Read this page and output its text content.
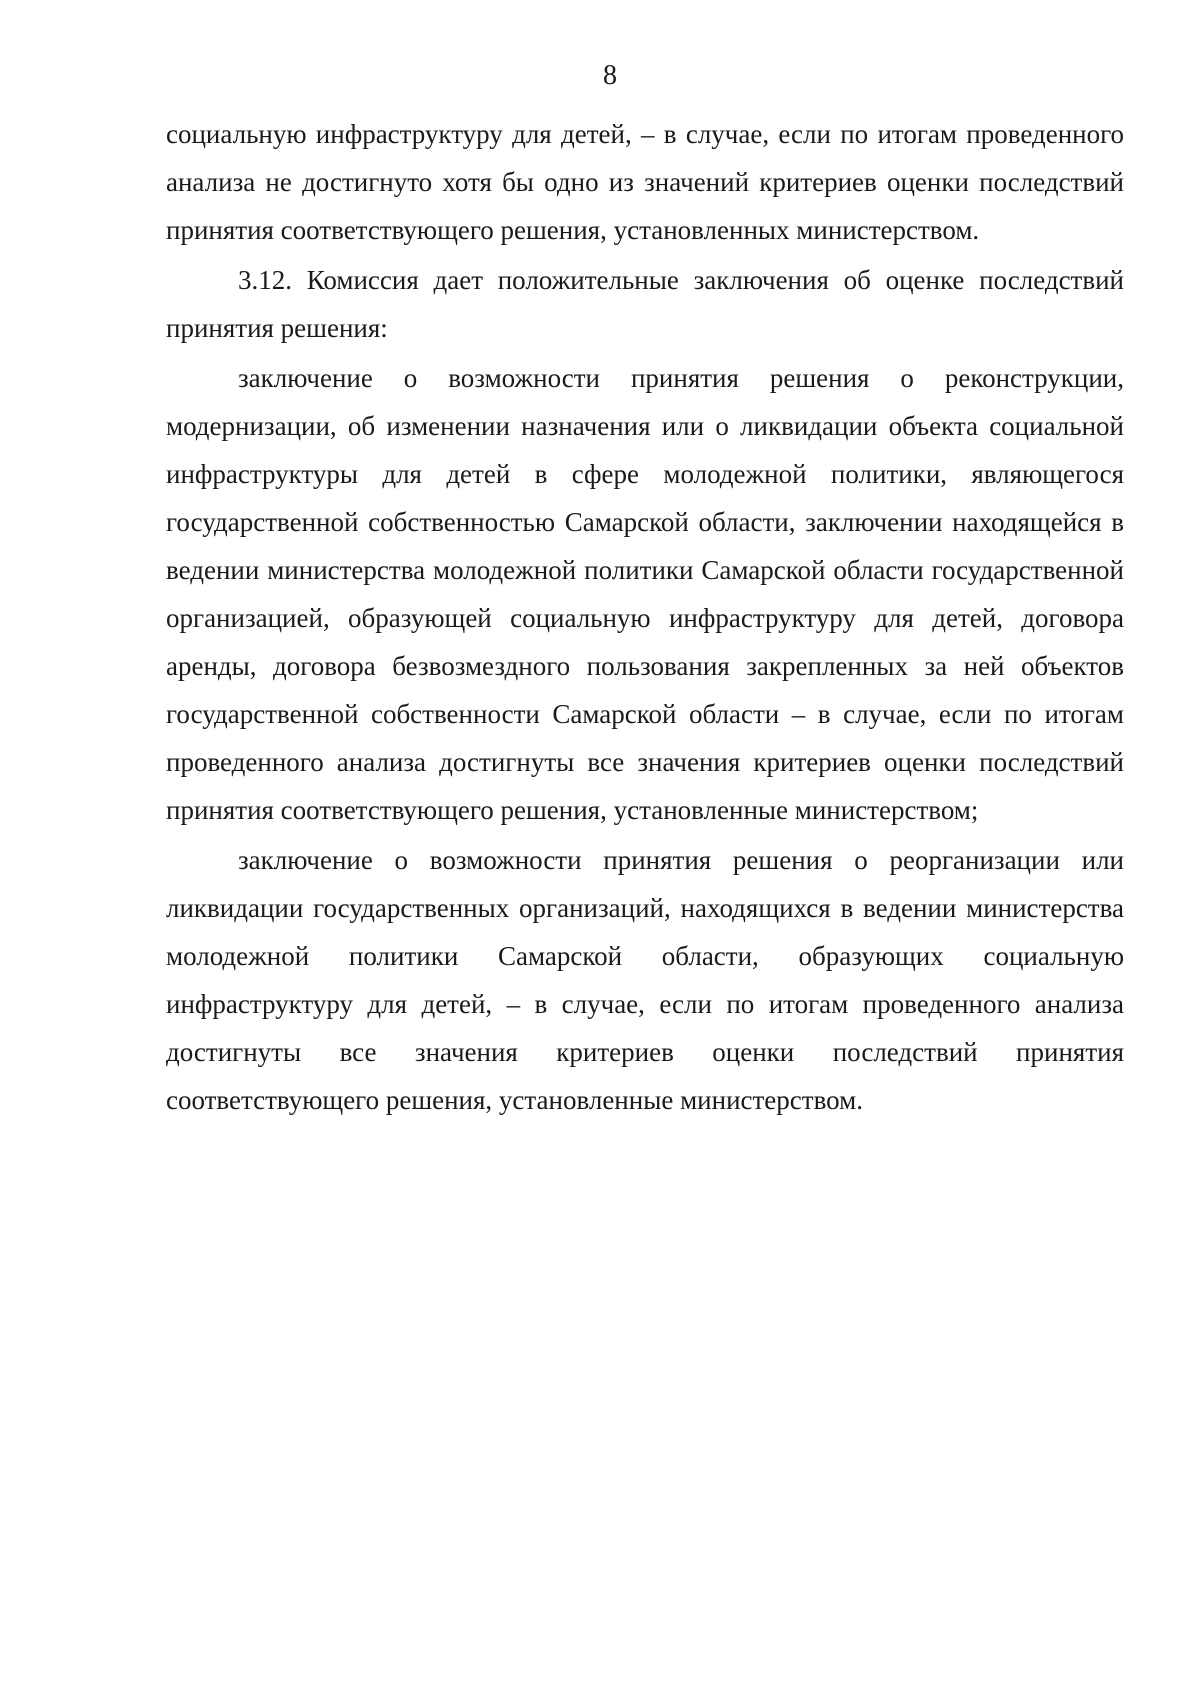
8

социальную инфраструктуру для детей, – в случае, если по итогам проведенного анализа не достигнуто хотя бы одно из значений критериев оценки последствий принятия соответствующего решения, установленных министерством.

3.12. Комиссия дает положительные заключения об оценке последствий принятия решения:

заключение о возможности принятия решения о реконструкции, модернизации, об изменении назначения или о ликвидации объекта социальной инфраструктуры для детей в сфере молодежной политики, являющегося государственной собственностью Самарской области, заключении находящейся в ведении министерства молодежной политики Самарской области государственной организацией, образующей социальную инфраструктуру для детей, договора аренды, договора безвозмездного пользования закрепленных за ней объектов государственной собственности Самарской области – в случае, если по итогам проведенного анализа достигнуты все значения критериев оценки последствий принятия соответствующего решения, установленные министерством;

заключение о возможности принятия решения о реорганизации или ликвидации государственных организаций, находящихся в ведении министерства молодежной политики Самарской области, образующих социальную инфраструктуру для детей, – в случае, если по итогам проведенного анализа достигнуты все значения критериев оценки последствий принятия соответствующего решения, установленные министерством.
